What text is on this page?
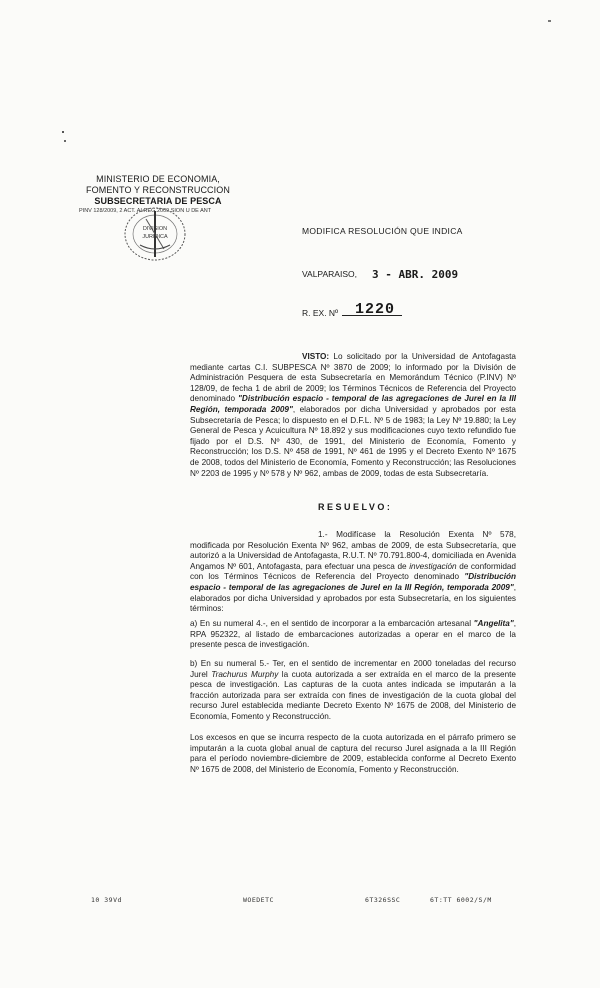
MINISTERIO DE ECONOMIA,
FOMENTO Y RECONSTRUCCION
SUBSECRETARIA DE PESCA
PINV 128/2009, 2 ACT. ALREG.2009 SION U DE ANT
DIVISION
JURIDICA
MODIFICA RESOLUCIÓN QUE INDICA
VALPARAISO, 3 - ABR. 2009
R. EX. Nº 1220
VISTO: Lo solicitado por la Universidad de Antofagasta mediante cartas C.I. SUBPESCA Nº 3870 de 2009; lo informado por la División de Administración Pesquera de esta Subsecretaría en Memorándum Técnico (P.INV) Nº 128/09, de fecha 1 de abril de 2009; los Términos Técnicos de Referencia del Proyecto denominado "Distribución espacio - temporal de las agregaciones de Jurel en la III Región, temporada 2009", elaborados por dicha Universidad y aprobados por esta Subsecretaría de Pesca; lo dispuesto en el D.F.L. Nº 5 de 1983; la Ley Nº 19.880; la Ley General de Pesca y Acuicultura Nº 18.892 y sus modificaciones cuyo texto refundido fue fijado por el D.S. Nº 430, de 1991, del Ministerio de Economía, Fomento y Reconstrucción; los D.S. Nº 458 de 1991, Nº 461 de 1995 y el Decreto Exento Nº 1675 de 2008, todos del Ministerio de Economía, Fomento y Reconstrucción; las Resoluciones Nº 2203 de 1995 y Nº 578 y Nº 962, ambas de 2009, todas de esta Subsecretaría.
RESUELVO:
1.- Modifícase la Resolución Exenta Nº 578, modificada por Resolución Exenta Nº 962, ambas de 2009, de esta Subsecretaría, que autorizó a la Universidad de Antofagasta, R.U.T. Nº 70.791.800-4, domiciliada en Avenida Angamos Nº 601, Antofagasta, para efectuar una pesca de investigación de conformidad con los Términos Técnicos de Referencia del Proyecto denominado "Distribución espacio - temporal de las agregaciones de Jurel en la III Región, temporada 2009", elaborados por dicha Universidad y aprobados por esta Subsecretaría, en los siguientes términos:
a) En su numeral 4.-, en el sentido de incorporar a la embarcación artesanal "Angelita", RPA 952322, al listado de embarcaciones autorizadas a operar en el marco de la presente pesca de investigación.
b) En su numeral 5.- Ter, en el sentido de incrementar en 2000 toneladas del recurso Jurel Trachurus Murphy la cuota autorizada a ser extraída en el marco de la presente pesca de investigación. Las capturas de la cuota antes indicada se imputarán a la fracción autorizada para ser extraída con fines de investigación de la cuota global del recurso Jurel establecida mediante Decreto Exento Nº 1675 de 2008, del Ministerio de Economía, Fomento y Reconstrucción.
Los excesos en que se incurra respecto de la cuota autorizada en el párrafo primero se imputarán a la cuota global anual de captura del recurso Jurel asignada a la III Región para el período noviembre-diciembre de 2009, establecida conforme al Decreto Exento Nº 1675 de 2008, del Ministerio de Economía, Fomento y Reconstrucción.
10 39Vd	WOEDETC	6T326SSC	6T:TT 6002/S/M
